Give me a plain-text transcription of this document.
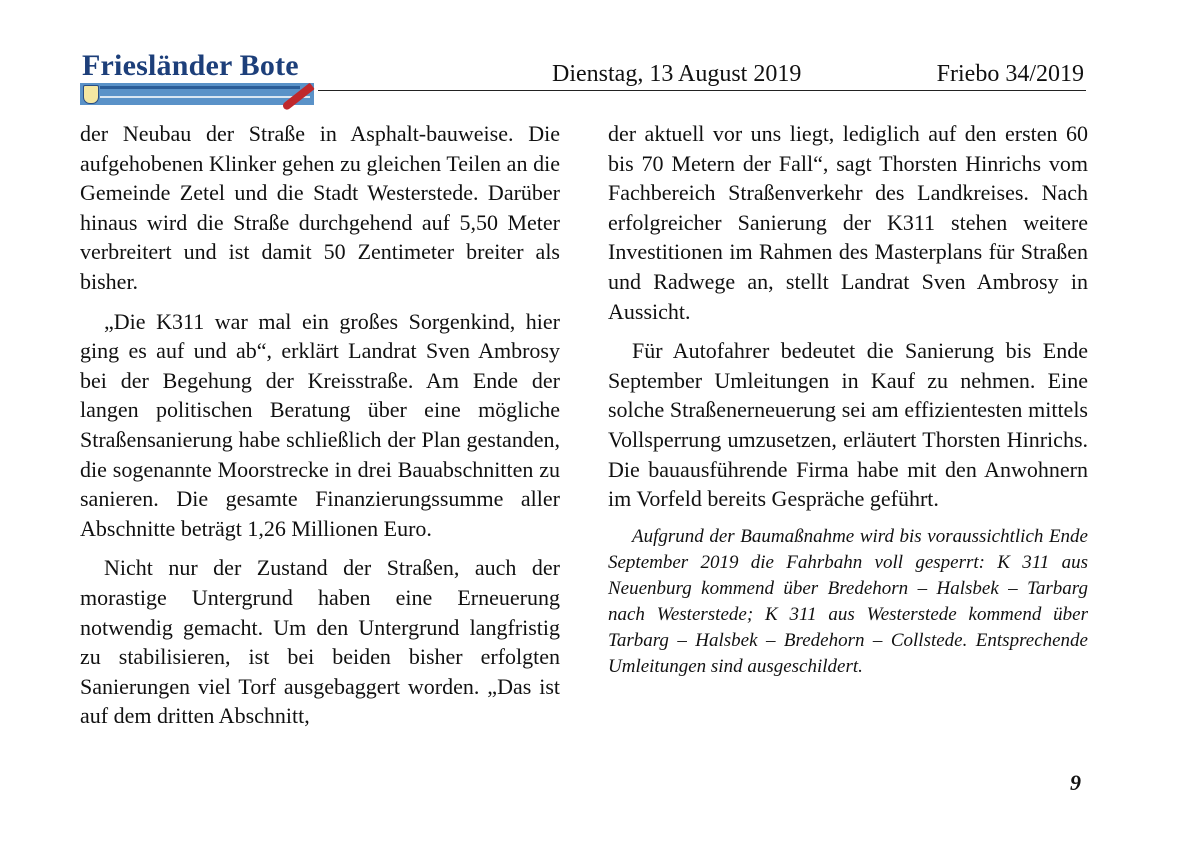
Friesländer Bote	Dienstag, 13 August 2019	Friebo 34/2019

der Neubau der Straße in Asphalt-bauweise. Die aufgehobenen Klinker gehen zu gleichen Teilen an die Gemeinde Zetel und die Stadt Westerstede. Darüber hinaus wird die Straße durchgehend auf 5,50 Meter verbreitert und ist damit 50 Zentimeter breiter als bisher.

„Die K311 war mal ein großes Sorgenkind, hier ging es auf und ab“, erklärt Landrat Sven Ambrosy bei der Begehung der Kreisstraße. Am Ende der langen politischen Beratung über eine mögliche Straßensanierung habe schließlich der Plan gestanden, die sogenannte Moorstrecke in drei Bauabschnitten zu sanieren. Die gesamte Finanzierungssumme aller Abschnitte beträgt 1,26 Millionen Euro.

Nicht nur der Zustand der Straßen, auch der morastige Untergrund haben eine Erneuerung notwendig gemacht. Um den Untergrund langfristig zu stabilisieren, ist bei beiden bisher erfolgten Sanierungen viel Torf ausgebaggert worden. „Das ist auf dem dritten Abschnitt,

der aktuell vor uns liegt, lediglich auf den ersten 60 bis 70 Metern der Fall“, sagt Thorsten Hinrichs vom Fachbereich Straßenverkehr des Landkreises. Nach erfolgreicher Sanierung der K311 stehen weitere Investitionen im Rahmen des Masterplans für Straßen und Radwege an, stellt Landrat Sven Ambrosy in Aussicht.

Für Autofahrer bedeutet die Sanierung bis Ende September Umleitungen in Kauf zu nehmen. Eine solche Straßenerneuerung sei am effizientesten mittels Vollsperrung umzusetzen, erläutert Thorsten Hinrichs. Die bauausführende Firma habe mit den Anwohnern im Vorfeld bereits Gespräche geführt.

Aufgrund der Baumaßnahme wird bis voraussichtlich Ende September 2019 die Fahrbahn voll gesperrt: K 311 aus Neuenburg kommend über Bredehorn – Halsbek – Tarbarg nach Westerstede; K 311 aus Westerstede kommend über Tarbarg – Halsbek – Bredehorn – Collstede. Entsprechende Umleitungen sind ausgeschildert.

9
